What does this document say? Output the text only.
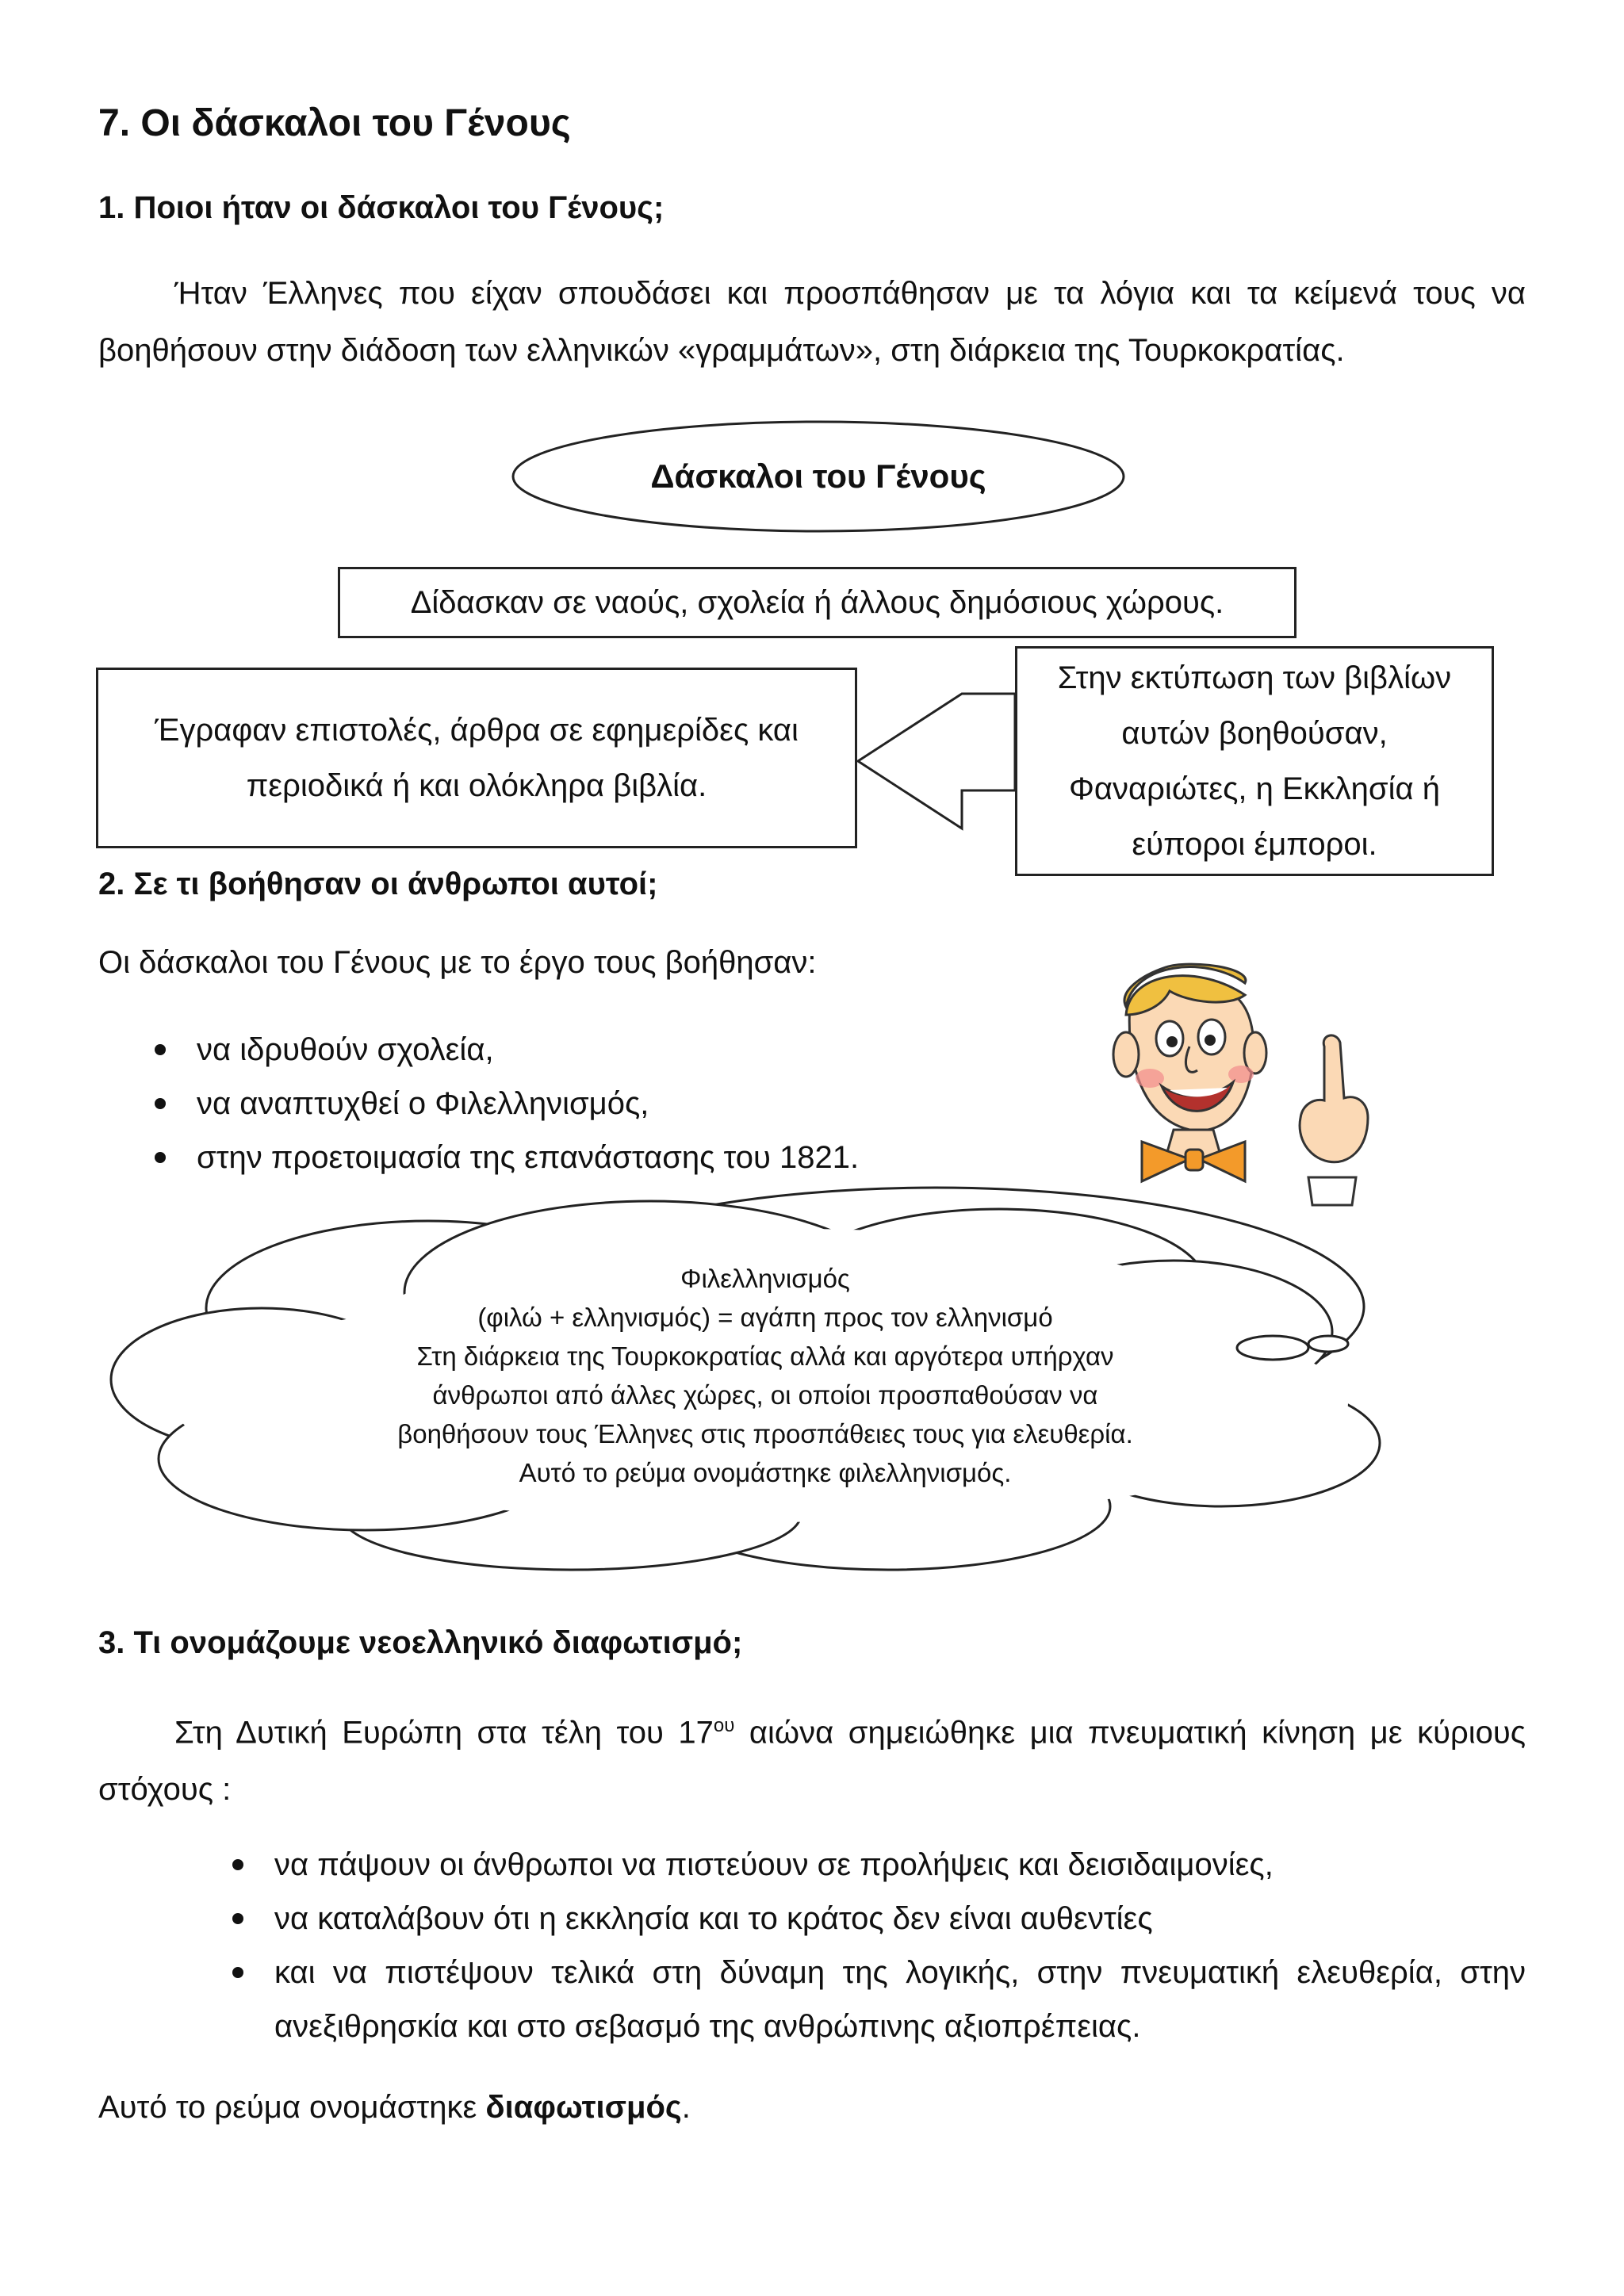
7. Οι δάσκαλοι του Γένους
1. Ποιοι ήταν οι δάσκαλοι του Γένους;
Ήταν Έλληνες που είχαν σπουδάσει και προσπάθησαν με τα λόγια και τα κείμενά τους να βοηθήσουν στην διάδοση των ελληνικών «γραμμάτων», στη διάρκεια της Τουρκοκρατίας.
Δάσκαλοι του Γένους
Δίδασκαν σε ναούς, σχολεία ή άλλους δημόσιους χώρους.
Έγραφαν επιστολές, άρθρα σε εφημερίδες και περιοδικά ή και ολόκληρα βιβλία.
Στην εκτύπωση των βιβλίων αυτών βοηθούσαν, Φαναριώτες, η Εκκλησία ή εύποροι έμποροι.
2. Σε τι βοήθησαν οι άνθρωποι αυτοί;
Οι δάσκαλοι του Γένους με το έργο τους βοήθησαν:
να ιδρυθούν σχολεία,
να αναπτυχθεί ο Φιλελληνισμός,
στην προετοιμασία της επανάστασης του 1821.
Φιλελληνισμός
(φιλώ + ελληνισμός) = αγάπη προς τον ελληνισμό
Στη διάρκεια της Τουρκοκρατίας αλλά και αργότερα υπήρχαν
άνθρωποι από άλλες χώρες, οι οποίοι προσπαθούσαν να
βοηθήσουν τους Έλληνες στις προσπάθειες τους για ελευθερία.
Αυτό το ρεύμα ονομάστηκε φιλελληνισμός.
3. Τι ονομάζουμε νεοελληνικό διαφωτισμό;
Στη Δυτική Ευρώπη στα τέλη του $17^{o\upsilon}$ αιώνα σημειώθηκε μια πνευματική κίνηση με κύριους στόχους :
να πάψουν οι άνθρωποι να πιστεύουν σε προλήψεις και δεισιδαιμονίες,
να καταλάβουν ότι η εκκλησία και το κράτος δεν είναι αυθεντίες
και να πιστέψουν τελικά στη δύναμη της λογικής, στην πνευματική ελευθερία, στην ανεξιθρησκία και στο σεβασμό της ανθρώπινης αξιοπρέπειας.
Αυτό το ρεύμα ονομάστηκε διαφωτισμός.
